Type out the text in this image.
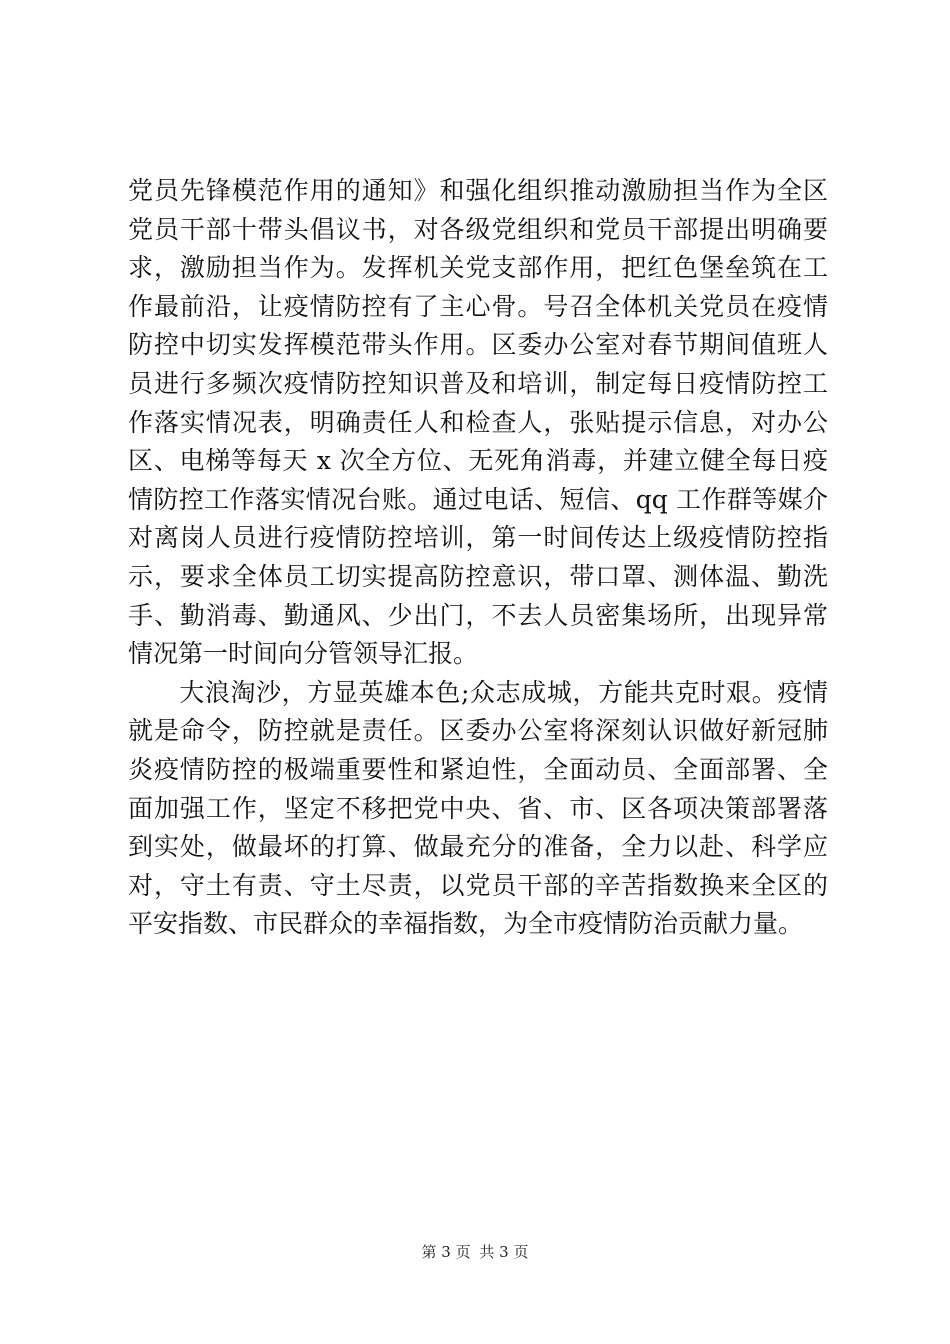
党员先锋模范作用的通知》和强化组织推动激励担当作为全区
党员干部十带头倡议书，对各级党组织和党员干部提出明确要
求，激励担当作为。发挥机关党支部作用，把红色堡垒筑在工
作最前沿，让疫情防控有了主心骨。号召全体机关党员在疫情
防控中切实发挥模范带头作用。区委办公室对春节期间值班人
员进行多频次疫情防控知识普及和培训，制定每日疫情防控工
作落实情况表，明确责任人和检查人，张贴提示信息，对办公
区、电梯等每天 x 次全方位、无死角消毒，并建立健全每日疫
情防控工作落实情况台账。通过电话、短信、qq 工作群等媒介
对离岗人员进行疫情防控培训，第一时间传达上级疫情防控指
示，要求全体员工切实提高防控意识，带口罩、测体温、勤洗
手、勤消毒、勤通风、少出门，不去人员密集场所，出现异常
情况第一时间向分管领导汇报。
　　大浪淘沙，方显英雄本色;众志成城，方能共克时艰。疫情
就是命令，防控就是责任。区委办公室将深刻认识做好新冠肺
炎疫情防控的极端重要性和紧迫性，全面动员、全面部署、全
面加强工作，坚定不移把党中央、省、市、区各项决策部署落
到实处，做最坏的打算、做最充分的准备，全力以赴、科学应
对，守土有责、守土尽责，以党员干部的辛苦指数换来全区的
平安指数、市民群众的幸福指数，为全市疫情防治贡献力量。
第 3 页 共 3 页
